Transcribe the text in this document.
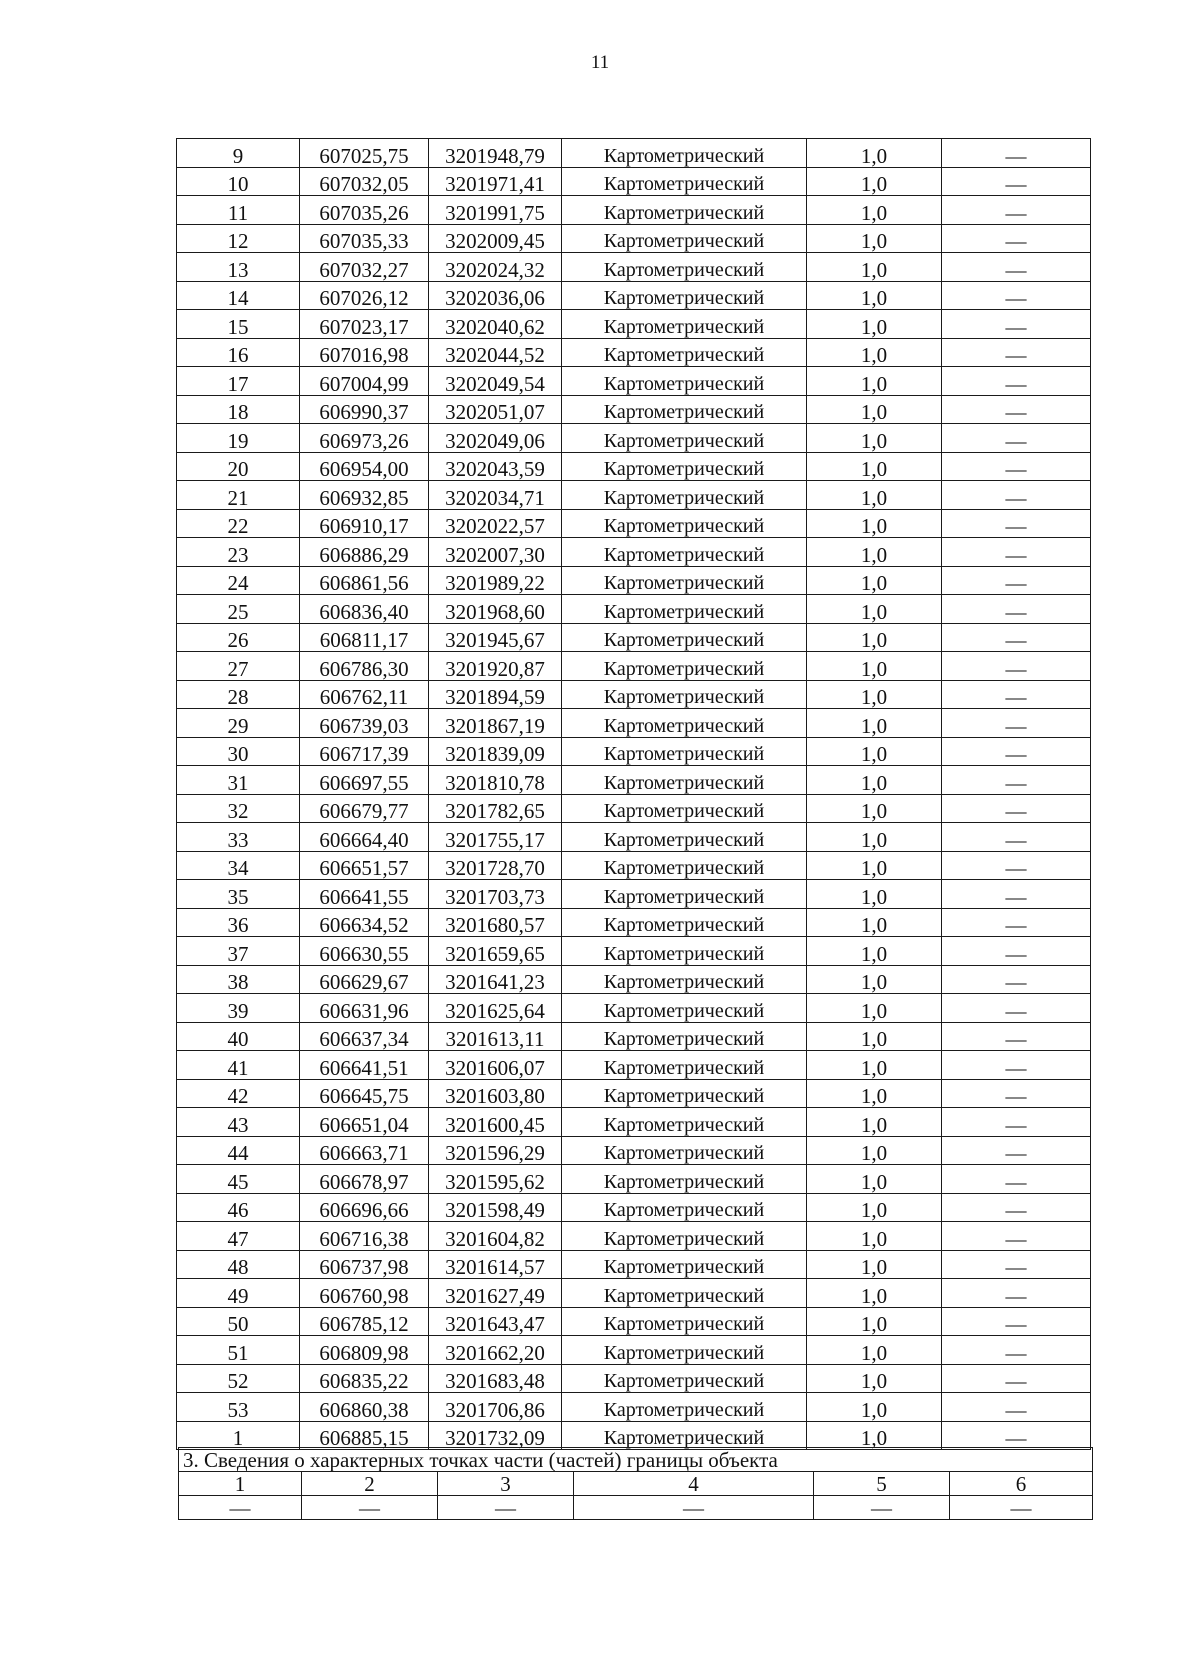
11
9	607025,75	3201948,79	Картометрический	1,0	—
10	607032,05	3201971,41	Картометрический	1,0	—
11	607035,26	3201991,75	Картометрический	1,0	—
12	607035,33	3202009,45	Картометрический	1,0	—
13	607032,27	3202024,32	Картометрический	1,0	—
14	607026,12	3202036,06	Картометрический	1,0	—
15	607023,17	3202040,62	Картометрический	1,0	—
16	607016,98	3202044,52	Картометрический	1,0	—
17	607004,99	3202049,54	Картометрический	1,0	—
18	606990,37	3202051,07	Картометрический	1,0	—
19	606973,26	3202049,06	Картометрический	1,0	—
20	606954,00	3202043,59	Картометрический	1,0	—
21	606932,85	3202034,71	Картометрический	1,0	—
22	606910,17	3202022,57	Картометрический	1,0	—
23	606886,29	3202007,30	Картометрический	1,0	—
24	606861,56	3201989,22	Картометрический	1,0	—
25	606836,40	3201968,60	Картометрический	1,0	—
26	606811,17	3201945,67	Картометрический	1,0	—
27	606786,30	3201920,87	Картометрический	1,0	—
28	606762,11	3201894,59	Картометрический	1,0	—
29	606739,03	3201867,19	Картометрический	1,0	—
30	606717,39	3201839,09	Картометрический	1,0	—
31	606697,55	3201810,78	Картометрический	1,0	—
32	606679,77	3201782,65	Картометрический	1,0	—
33	606664,40	3201755,17	Картометрический	1,0	—
34	606651,57	3201728,70	Картометрический	1,0	—
35	606641,55	3201703,73	Картометрический	1,0	—
36	606634,52	3201680,57	Картометрический	1,0	—
37	606630,55	3201659,65	Картометрический	1,0	—
38	606629,67	3201641,23	Картометрический	1,0	—
39	606631,96	3201625,64	Картометрический	1,0	—
40	606637,34	3201613,11	Картометрический	1,0	—
41	606641,51	3201606,07	Картометрический	1,0	—
42	606645,75	3201603,80	Картометрический	1,0	—
43	606651,04	3201600,45	Картометрический	1,0	—
44	606663,71	3201596,29	Картометрический	1,0	—
45	606678,97	3201595,62	Картометрический	1,0	—
46	606696,66	3201598,49	Картометрический	1,0	—
47	606716,38	3201604,82	Картометрический	1,0	—
48	606737,98	3201614,57	Картометрический	1,0	—
49	606760,98	3201627,49	Картометрический	1,0	—
50	606785,12	3201643,47	Картометрический	1,0	—
51	606809,98	3201662,20	Картометрический	1,0	—
52	606835,22	3201683,48	Картометрический	1,0	—
53	606860,38	3201706,86	Картометрический	1,0	—
1	606885,15	3201732,09	Картометрический	1,0	—
3. Сведения о характерных точках части (частей) границы объекта					
1	2	3	4	5	6
—	—	—	—	—	—
